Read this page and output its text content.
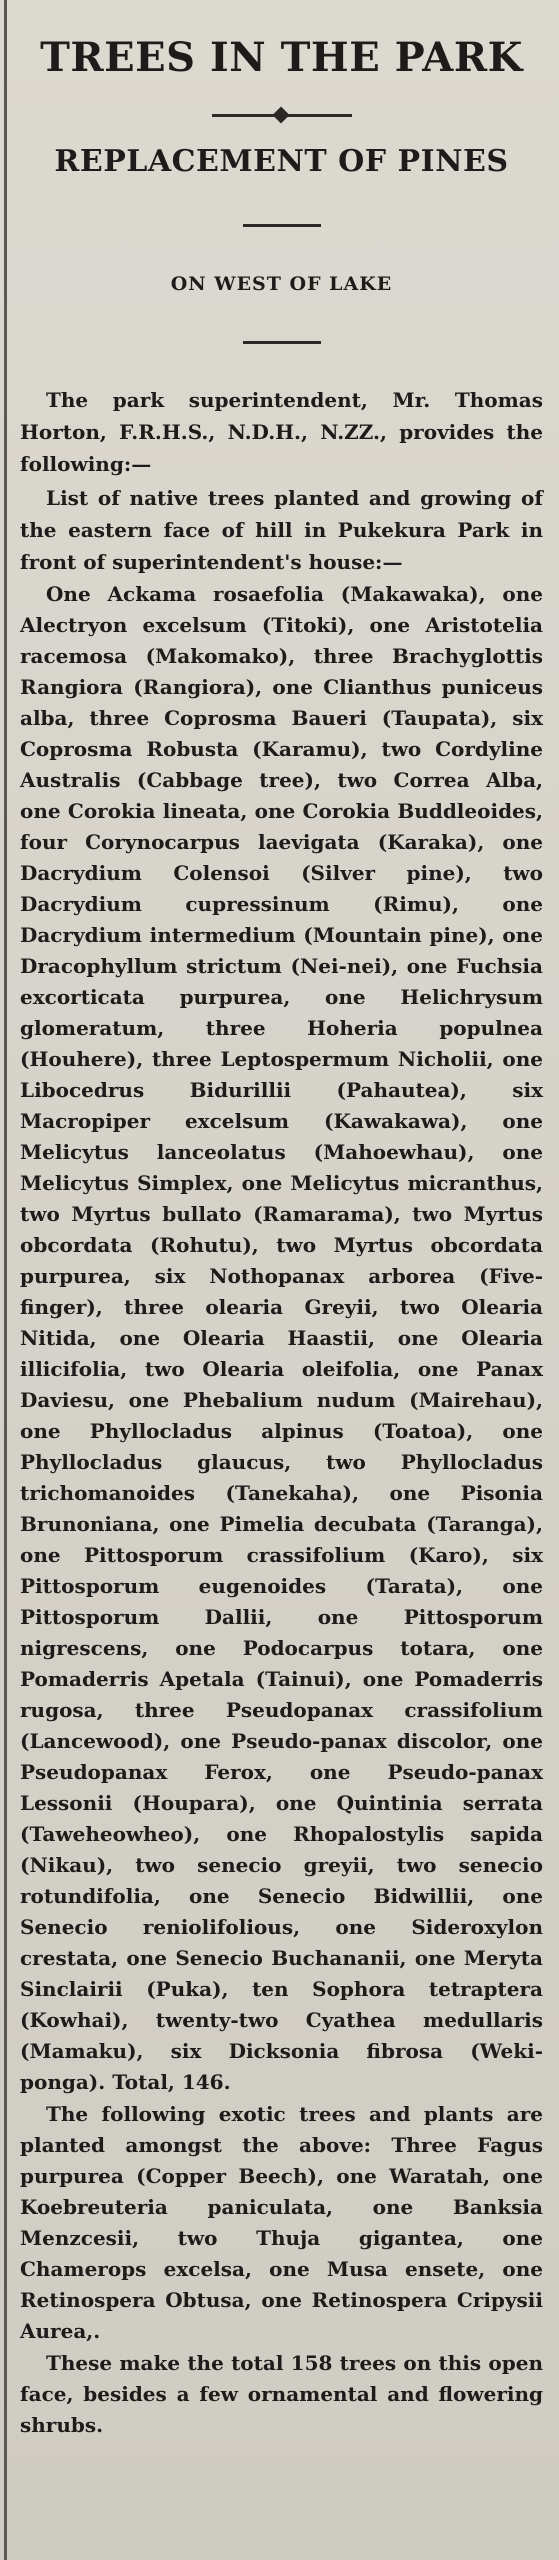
TREES IN THE PARK
REPLACEMENT OF PINES
ON WEST OF LAKE

The park superintendent, Mr. Thomas Horton, F.R.H.S., N.D.H., N.ZZ., provides the following:—

List of native trees planted and growing of the eastern face of hill in Pukekura Park in front of superintendent's house:—

One Ackama rosaefolia (Makawaka), one Alectryon excelsum (Titoki), one Aristotelia racemosa (Makomako), three Brachyglottis Rangiora (Rangiora), one Clianthus puniceus alba, three Coprosma Baueri (Taupata), six Coprosma Robusta (Karamu), two Cordyline Australis (Cabbage tree), two Correa Alba, one Corokia lineata, one Corokia Buddleoides, four Corynocarpus laevigata (Karaka), one Dacrydium Colensoi (Silver pine), two Dacrydium cupressinum (Rimu), one Dacrydium intermedium (Mountain pine), one Dracophyllum strictum (Nei-nei), one Fuchsia excorticata purpurea, one Helichrysum glomeratum, three Hoheria populnea (Houhere), three Leptospermum Nicholii, one Libocedrus Bidurillii (Pahautea), six Macropiper excelsum (Kawakawa), one Melicytus lanceolatus (Mahoewhau), one Melicytus Simplex, one Melicytus micranthus, two Myrtus bullato (Ramarama), two Myrtus obcordata (Rohutu), two Myrtus obcordata purpurea, six Nothopanax arborea (Five-finger), three olearia Greyii, two Olearia Nitida, one Olearia Haastii, one Olearia illicifolia, two Olearia oleifolia, one Panax Daviesu, one Phebalium nudum (Mairehau), one Phyllocladus alpinus (Toatoa), one Phyllocladus glaucus, two Phyllocladus trichomanoides (Tanekaha), one Pisonia Brunoniana, one Pimelia decubata (Taranga), one Pittosporum crassifolium (Karo), six Pittosporum eugenoides (Tarata), one Pittosporum Dallii, one Pittosporum nigrescens, one Podocarpus totara, one Pomaderris Apetala (Tainui), one Pomaderris rugosa, three Pseudopanax crassifolium (Lancewood), one Pseudo-panax discolor, one Pseudopanax Ferox, one Pseudo-panax Lessonii (Houpara), one Quintinia serrata (Taweheowheo), one Rhopalostylis sapida (Nikau), two senecio greyii, two senecio rotundifolia, one Senecio Bidwillii, one Senecio reniolifolious, one Sideroxylon crestata, one Senecio Buchananii, one Meryta Sinclairii (Puka), ten Sophora tetraptera (Kowhai), twenty-two Cyathea medullaris (Mamaku), six Dicksonia fibrosa (Weki-ponga). Total, 146.

The following exotic trees and plants are planted amongst the above: Three Fagus purpurea (Copper Beech), one Waratah, one Koebreuteria paniculata, one Banksia Menzcesii, two Thuja gigantea, one Chamerops excelsa, one Musa ensete, one Retinospera Obtusa, one Retinospera Cripysii Aurea,.

These make the total 158 trees on this open face, besides a few ornamental and flowering shrubs.
